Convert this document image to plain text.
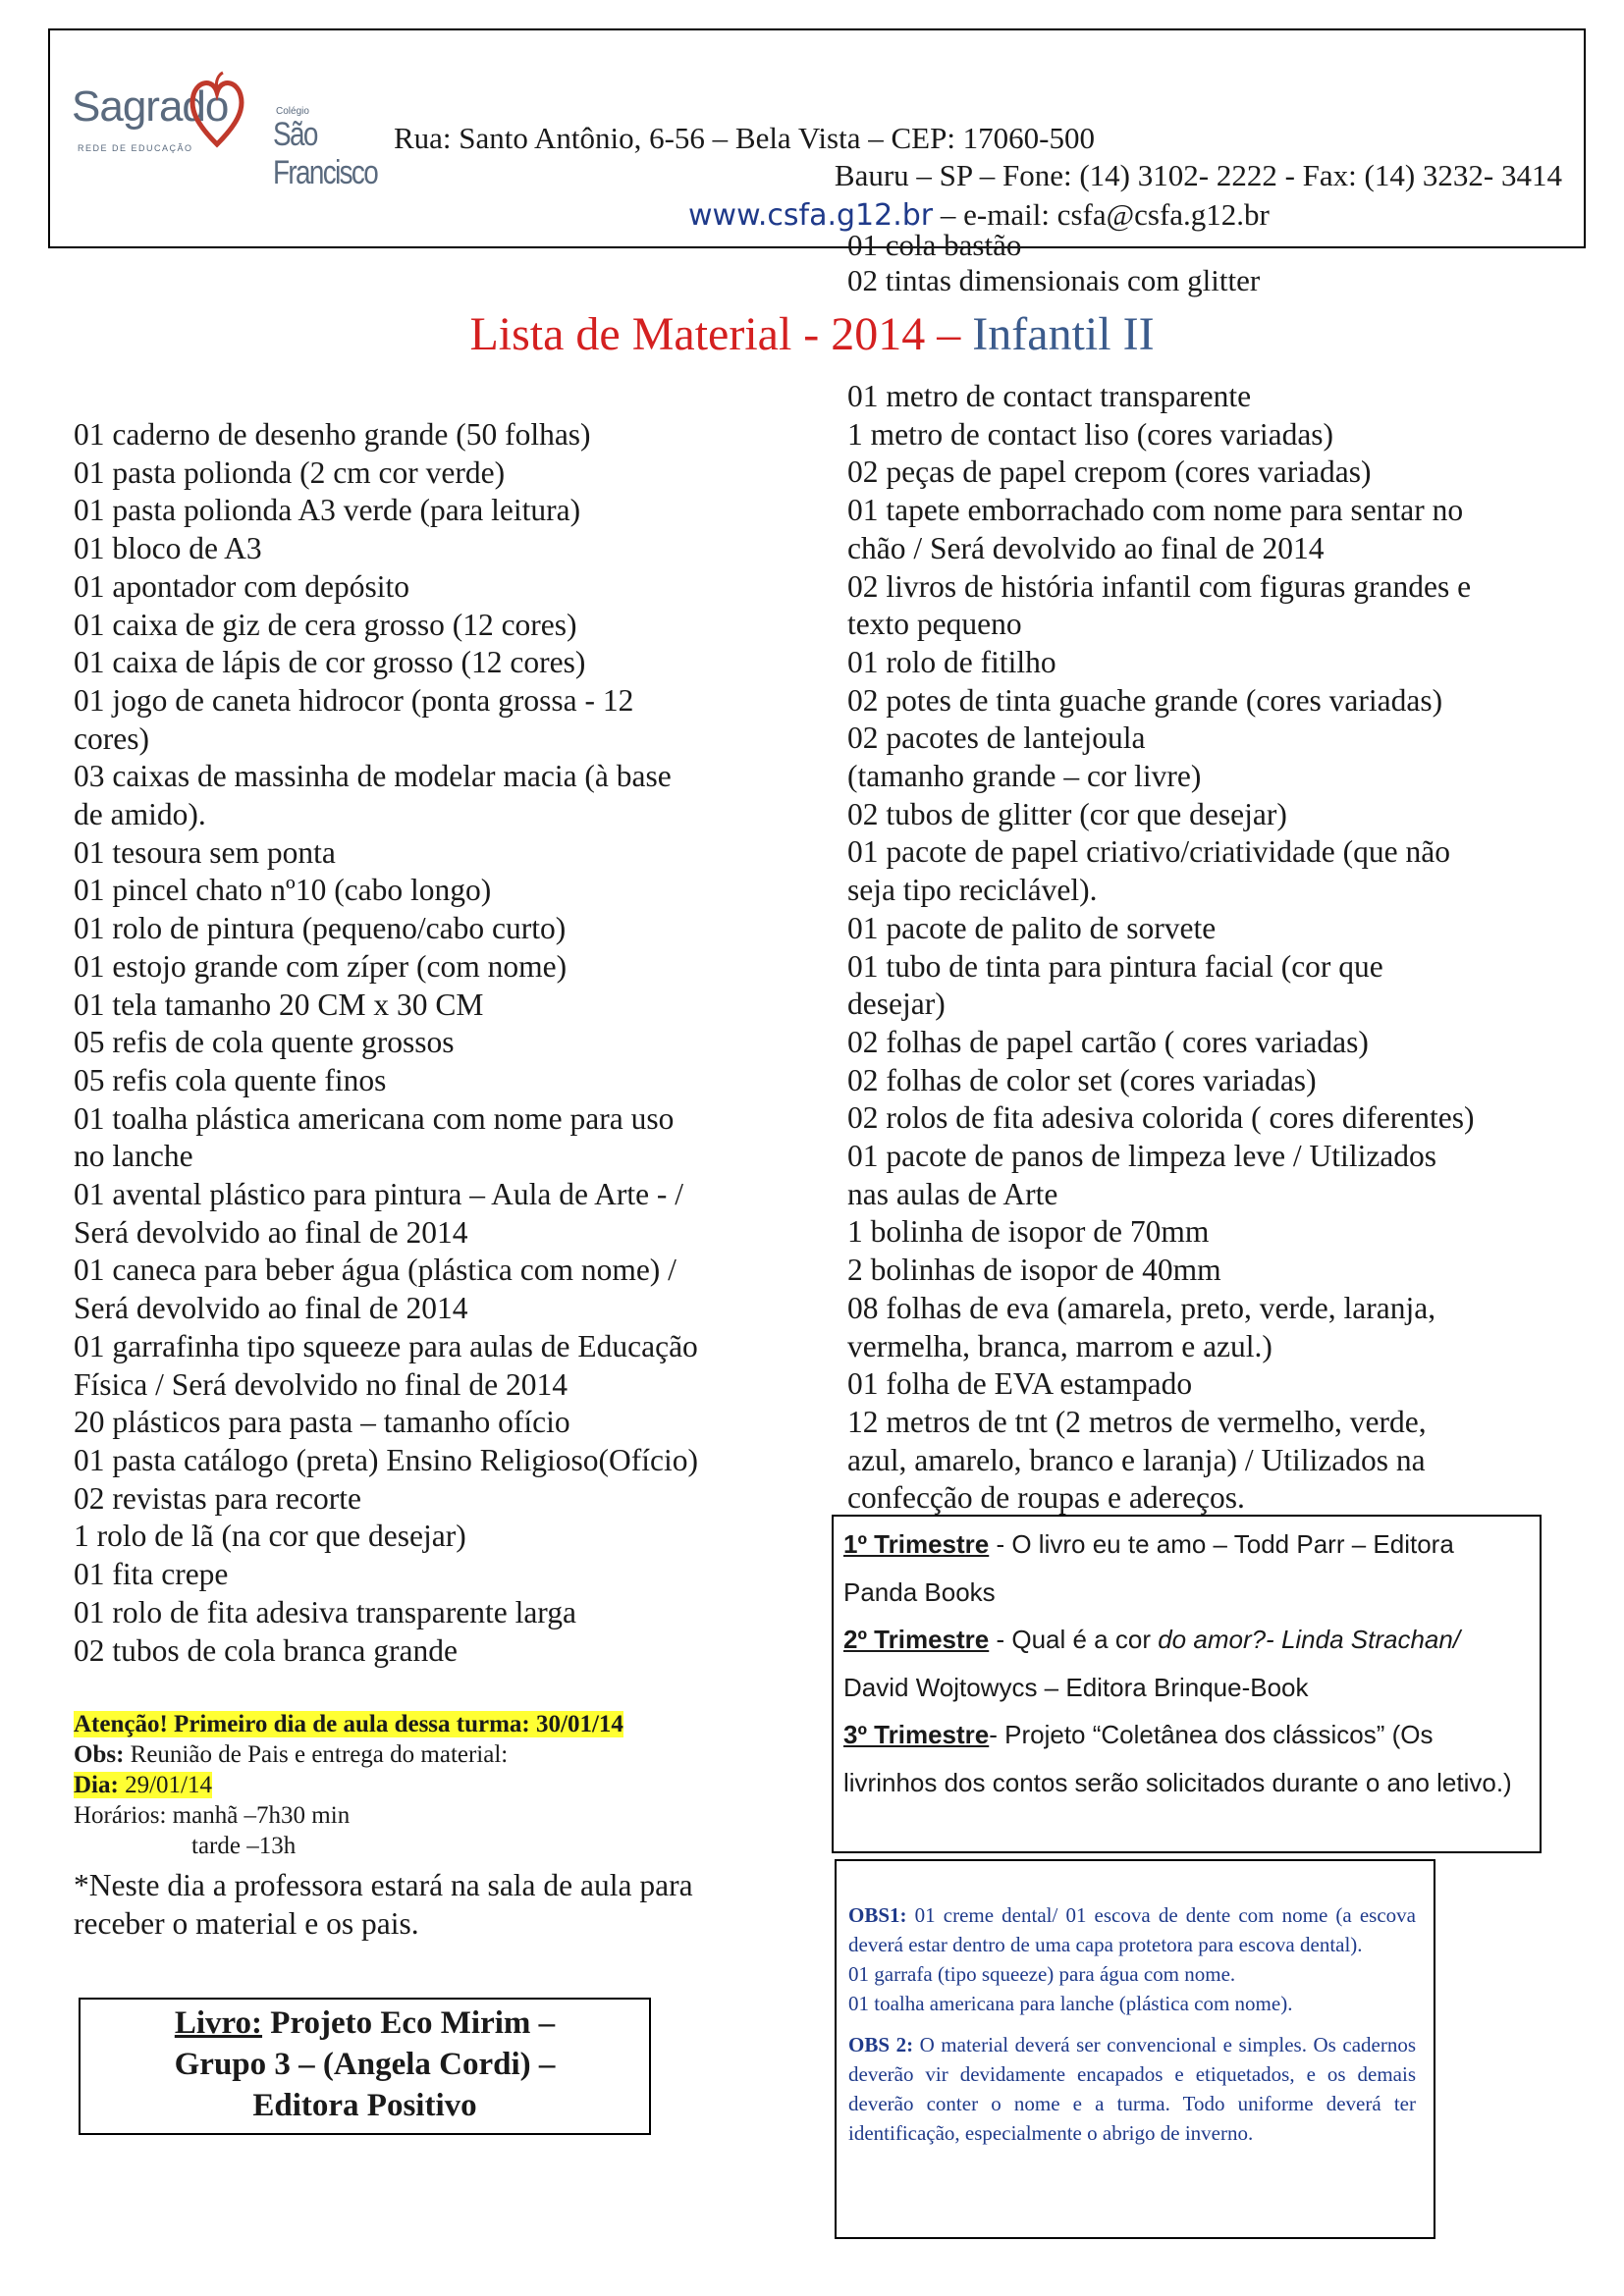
Sagrado
REDE DE EDUCAÇÃO
Colégio
São Francisco
Rua: Santo Antônio, 6-56 – Bela Vista – CEP: 17060-500
Bauru – SP – Fone: (14) 3102- 2222 - Fax: (14) 3232- 3414
www.csfa.g12.br – e-mail: csfa@csfa.g12.br
01 cola bastão
02 tintas dimensionais com glitter
Lista de Material - 2014 – Infantil II
01 caderno de desenho grande (50 folhas)
01 pasta polionda (2 cm cor verde)
01 pasta polionda A3 verde (para leitura)
01 bloco de A3
01 apontador com depósito
01 caixa de giz de cera grosso (12 cores)
01 caixa de lápis de cor grosso (12 cores)
01 jogo de caneta hidrocor (ponta grossa - 12
cores)
03 caixas de massinha de modelar macia (à base
de amido).
01 tesoura sem ponta
01 pincel chato nº10 (cabo longo)
01 rolo de pintura (pequeno/cabo curto)
01 estojo grande com zíper (com nome)
01 tela tamanho 20 CM x 30 CM
05 refis de cola quente grossos
05 refis cola quente finos
01 toalha plástica americana com nome para uso
no lanche
01 avental plástico para pintura – Aula de Arte - /
Será devolvido ao final de 2014
01 caneca para beber água (plástica com nome) /
Será devolvido ao final de 2014
01 garrafinha tipo squeeze para aulas de Educação
Física / Será devolvido no final de 2014
20 plásticos para pasta – tamanho ofício
01 pasta catálogo (preta) Ensino Religioso(Ofício)
02 revistas para recorte
1 rolo de lã (na cor que desejar)
01 fita crepe
01 rolo de fita adesiva transparente larga
02 tubos de cola branca grande
01 metro de contact transparente
1 metro de contact liso (cores variadas)
02 peças de papel crepom (cores variadas)
01 tapete emborrachado com nome para sentar no
chão / Será devolvido ao final de 2014
02 livros de história infantil com figuras grandes e
texto pequeno
01 rolo de fitilho
02 potes de tinta guache grande (cores variadas)
02 pacotes de lantejoula
(tamanho grande – cor livre)
02 tubos de glitter (cor que desejar)
01 pacote de papel criativo/criatividade (que não
seja tipo reciclável).
01 pacote de palito de sorvete
01 tubo de tinta para pintura facial (cor que
desejar)
02 folhas de papel cartão ( cores variadas)
02 folhas de color set (cores variadas)
02 rolos de fita adesiva colorida ( cores diferentes)
01 pacote de panos de limpeza leve / Utilizados
nas aulas de Arte
1 bolinha de isopor de 70mm
2 bolinhas de isopor de 40mm
08 folhas de eva (amarela, preto, verde, laranja,
vermelha, branca, marrom e azul.)
01 folha de EVA estampado
12 metros de tnt (2 metros de vermelho, verde,
azul, amarelo, branco e laranja) / Utilizados na
confecção de roupas e adereços.
Atenção! Primeiro dia de aula dessa turma: 30/01/14
Obs: Reunião de Pais e entrega do material:
Dia: 29/01/14
Horários: manhã –7h30 min
tarde –13h
*Neste dia a professora estará na sala de aula para receber o material e os pais.
Livro: Projeto Eco Mirim –
Grupo 3 – (Angela Cordi) –
Editora Positivo
1º Trimestre - O livro eu te amo – Todd Parr – Editora Panda Books
2º Trimestre - Qual é a cor do amor?- Linda Strachan/ David Wojtowycs – Editora Brinque-Book
3º Trimestre- Projeto “Coletânea dos clássicos” (Os livrinhos dos contos serão solicitados durante o ano letivo.)

OBS1: 01 creme dental/ 01 escova de dente com nome (a escova deverá estar dentro de uma capa protetora para escova dental).
01 garrafa (tipo squeeze) para água com nome.
01 toalha americana para lanche (plástica com nome).

OBS 2: O material deverá ser convencional e simples. Os cadernos deverão vir devidamente encapados e etiquetados, e os demais deverão conter o nome e a turma. Todo uniforme deverá ter identificação, especialmente o abrigo de inverno.
